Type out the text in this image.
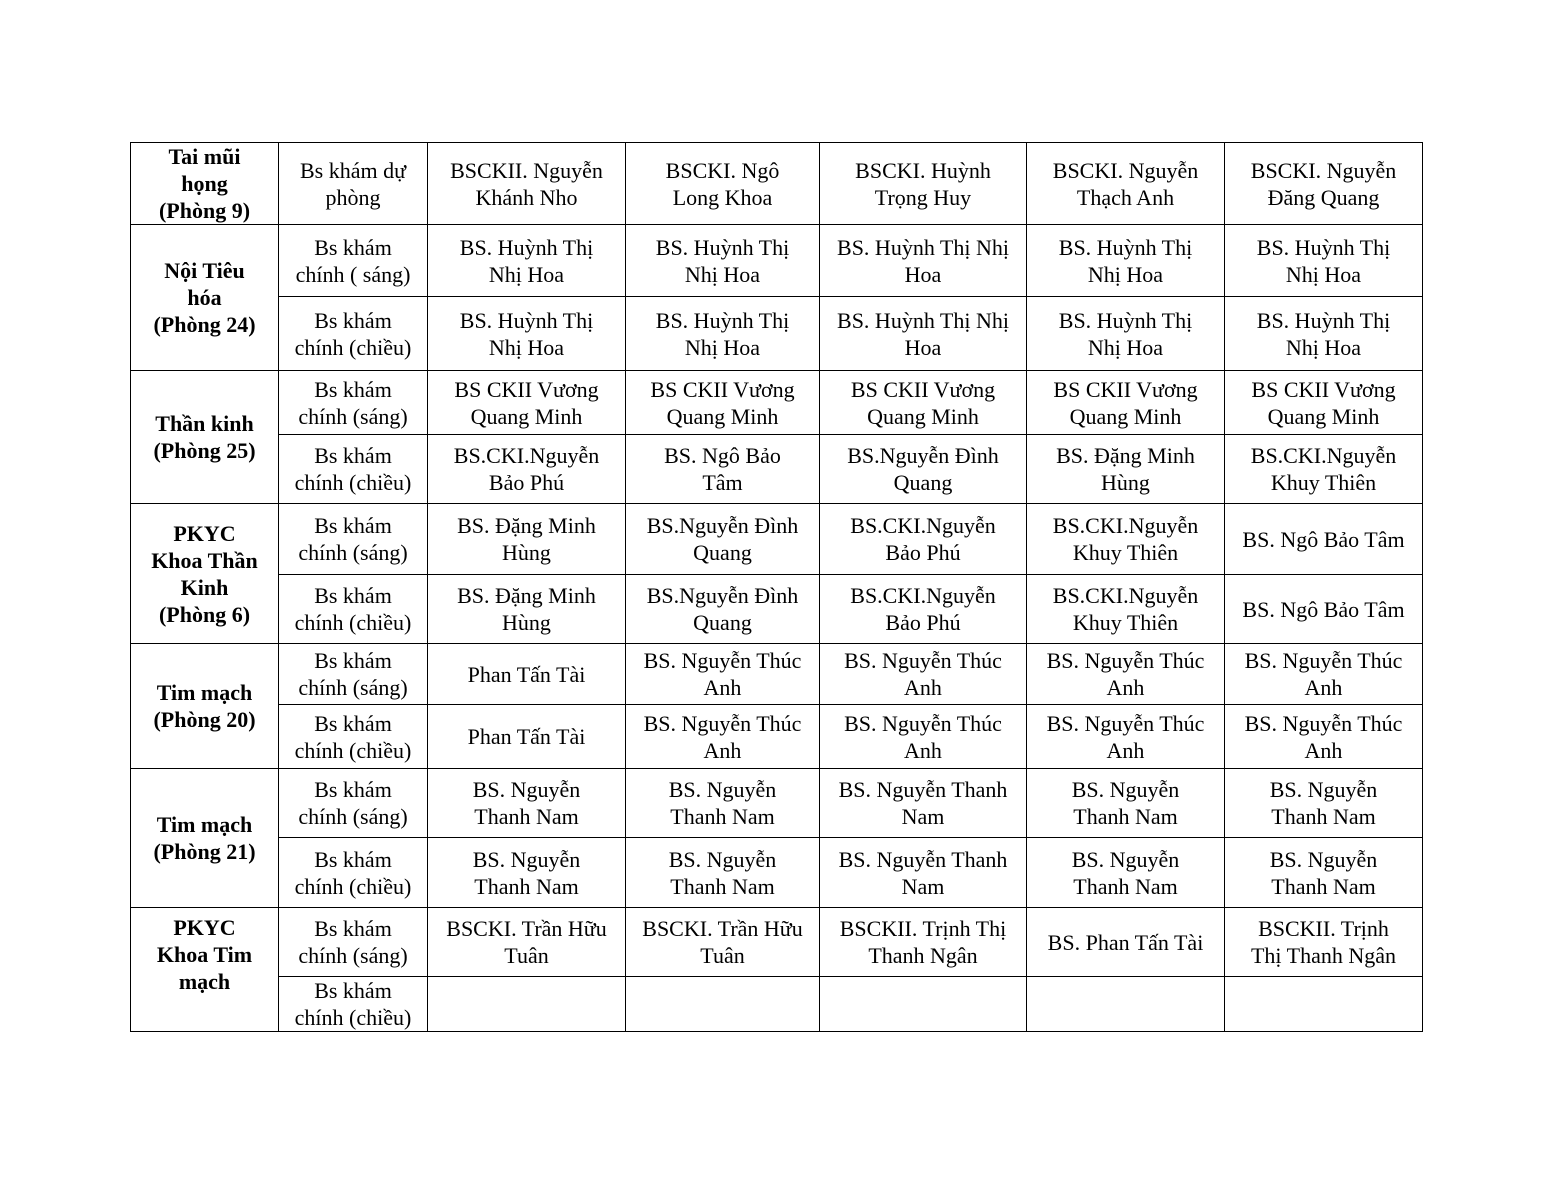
Tai mũi
họng
(Phòng 9)	Bs khám dự
phòng	BSCKII. Nguyễn
Khánh Nho	BSCKI. Ngô
Long Khoa	BSCKI. Huỳnh
Trọng Huy	BSCKI. Nguyễn
Thạch Anh	BSCKI. Nguyễn
Đăng Quang

Nội Tiêu
hóa
(Phòng 24)	Bs khám
chính ( sáng)	BS. Huỳnh Thị
Nhị Hoa	BS. Huỳnh Thị
Nhị Hoa	BS. Huỳnh Thị Nhị
Hoa	BS. Huỳnh Thị
Nhị Hoa	BS. Huỳnh Thị
Nhị Hoa

	Bs khám
chính (chiều)	BS. Huỳnh Thị
Nhị Hoa	BS. Huỳnh Thị
Nhị Hoa	BS. Huỳnh Thị Nhị
Hoa	BS. Huỳnh Thị
Nhị Hoa	BS. Huỳnh Thị
Nhị Hoa

Thần kinh
(Phòng 25)	Bs khám
chính (sáng)	BS CKII Vương
Quang Minh	BS CKII Vương
Quang Minh	BS CKII Vương
Quang Minh	BS CKII Vương
Quang Minh	BS CKII Vương
Quang Minh

	Bs khám
chính (chiều)	BS.CKI.Nguyễn
Bảo Phú	BS. Ngô Bảo
Tâm	BS.Nguyễn Đình
Quang	BS. Đặng Minh
Hùng	BS.CKI.Nguyễn
Khuy Thiên

PKYC
Khoa Thần
Kinh
(Phòng 6)	Bs khám
chính (sáng)	BS. Đặng Minh
Hùng	BS.Nguyễn Đình
Quang	BS.CKI.Nguyễn
Bảo Phú	BS.CKI.Nguyễn
Khuy Thiên	BS. Ngô Bảo Tâm

	Bs khám
chính (chiều)	BS. Đặng Minh
Hùng	BS.Nguyễn Đình
Quang	BS.CKI.Nguyễn
Bảo Phú	BS.CKI.Nguyễn
Khuy Thiên	BS. Ngô Bảo Tâm

Tim mạch
(Phòng 20)	Bs khám
chính (sáng)	Phan Tấn Tài	BS. Nguyễn Thúc
Anh	BS. Nguyễn Thúc
Anh	BS. Nguyễn Thúc
Anh	BS. Nguyễn Thúc
Anh

	Bs khám
chính (chiều)	Phan Tấn Tài	BS. Nguyễn Thúc
Anh	BS. Nguyễn Thúc
Anh	BS. Nguyễn Thúc
Anh	BS. Nguyễn Thúc
Anh

Tim mạch
(Phòng 21)	Bs khám
chính (sáng)	BS. Nguyễn
Thanh Nam	BS. Nguyễn
Thanh Nam	BS. Nguyễn Thanh
Nam	BS. Nguyễn
Thanh Nam	BS. Nguyễn
Thanh Nam

	Bs khám
chính (chiều)	BS. Nguyễn
Thanh Nam	BS. Nguyễn
Thanh Nam	BS. Nguyễn Thanh
Nam	BS. Nguyễn
Thanh Nam	BS. Nguyễn
Thanh Nam

PKYC
Khoa Tim
mạch	Bs khám
chính (sáng)	BSCKI. Trần Hữu
Tuân	BSCKI. Trần Hữu
Tuân	BSCKII. Trịnh Thị
Thanh Ngân	BS. Phan Tấn Tài	BSCKII. Trịnh
Thị Thanh Ngân

	Bs khám
chính (chiều)					
